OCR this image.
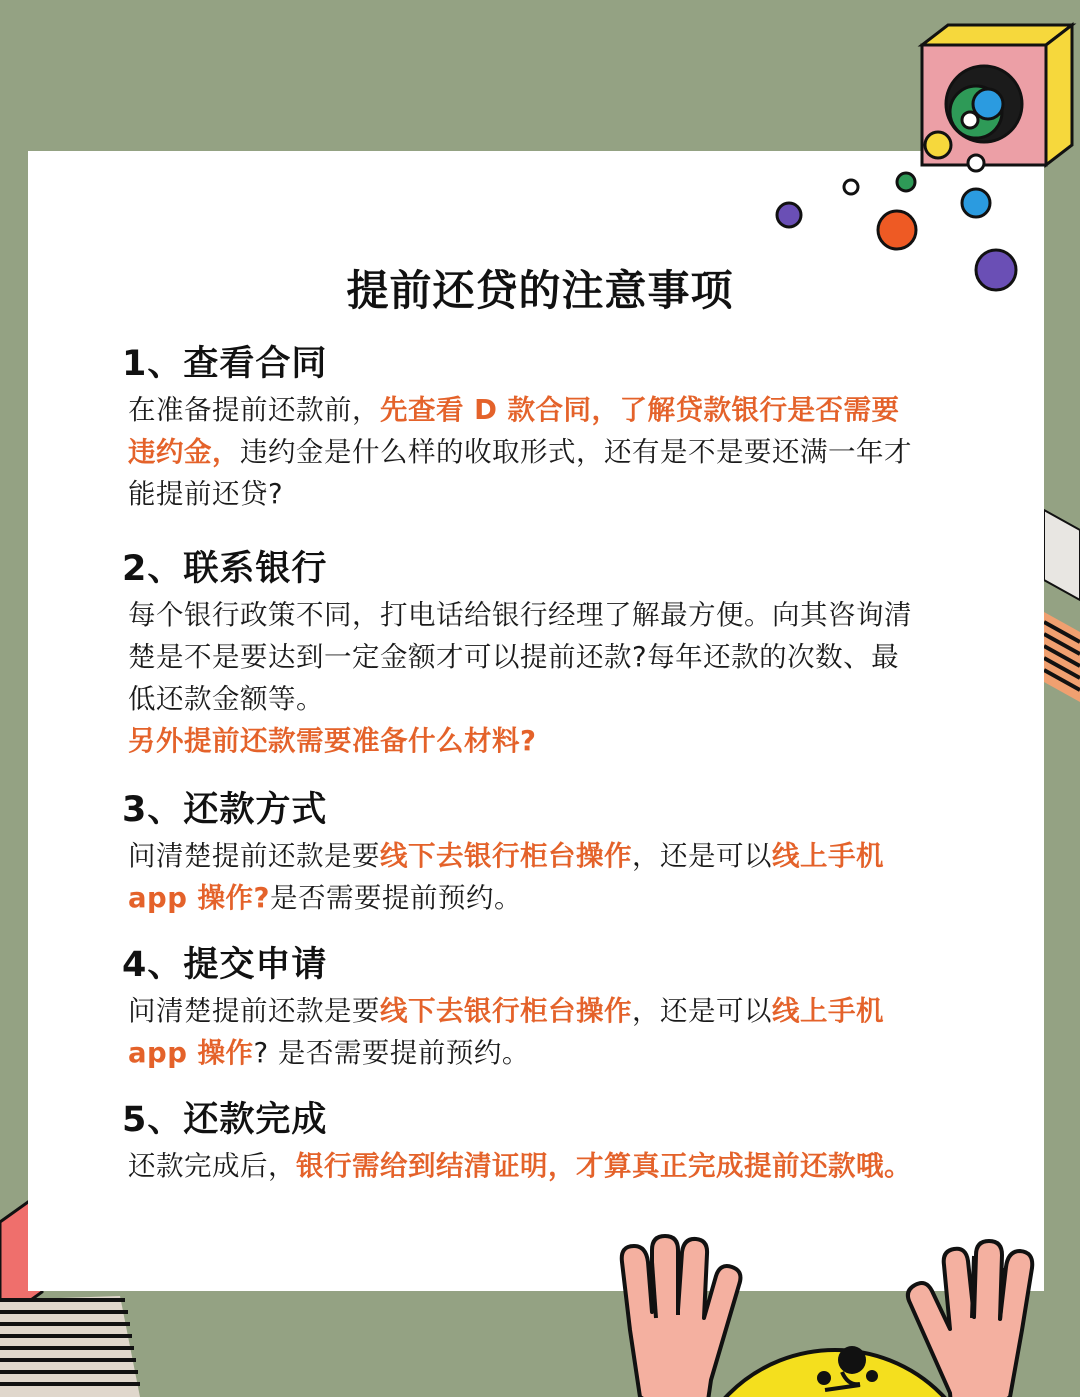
提前还贷的注意事项
1、查看合同

在准备提前还款前，先查看 D 款合同，了解贷款银行是否需要违约金，违约金是什么样的收取形式，还有是不是要还满一年才能提前还贷?

2、联系银行

每个银行政策不同，打电话给银行经理了解最方便。向其咨询清楚是不是要达到一定金额才可以提前还款?每年还款的次数、最低还款金额等。
另外提前还款需要准备什么材料?

3、还款方式

问清楚提前还款是要线下去银行柜台操作，还是可以线上手机 app 操作?是否需要提前预约。

4、提交申请

问清楚提前还款是要线下去银行柜台操作，还是可以线上手机 app 操作? 是否需要提前预约。

5、还款完成

还款完成后，银行需给到结清证明，才算真正完成提前还款哦。
